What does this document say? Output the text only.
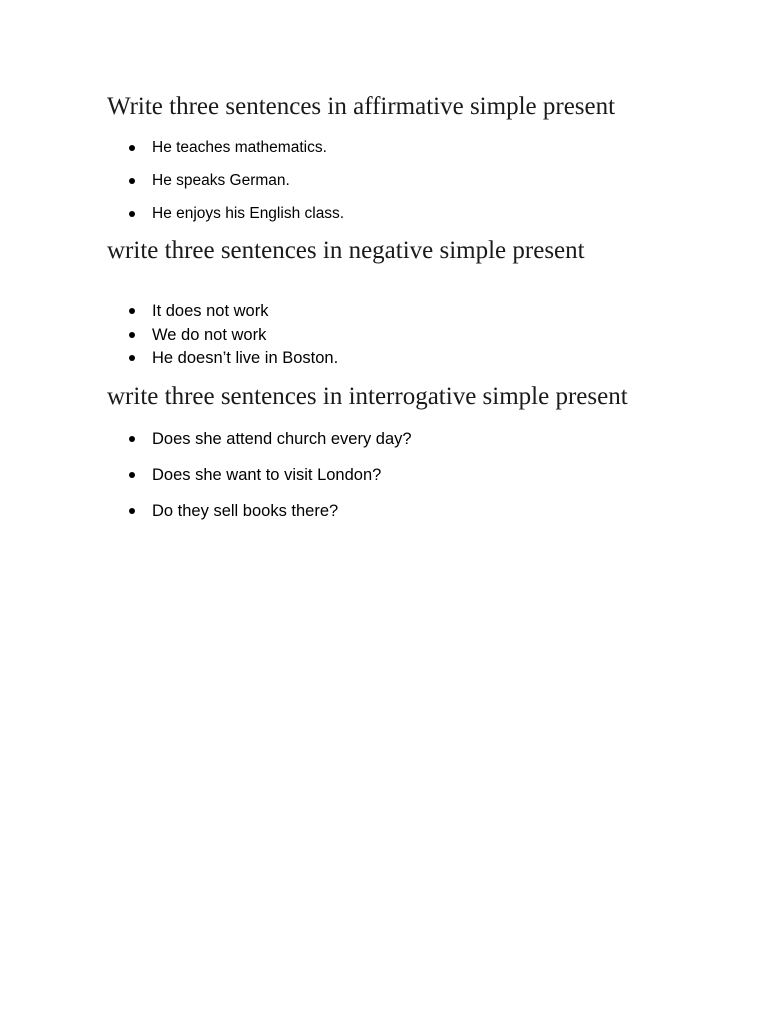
Write three sentences in affirmative simple present
He teaches mathematics.
He speaks German.
He enjoys his English class.
write three sentences in negative simple present
It does not work
We do not work
He doesn’t live in Boston.
write three sentences in interrogative simple present
Does she attend church every day?
Does she want to visit London?
Do they sell books there?
